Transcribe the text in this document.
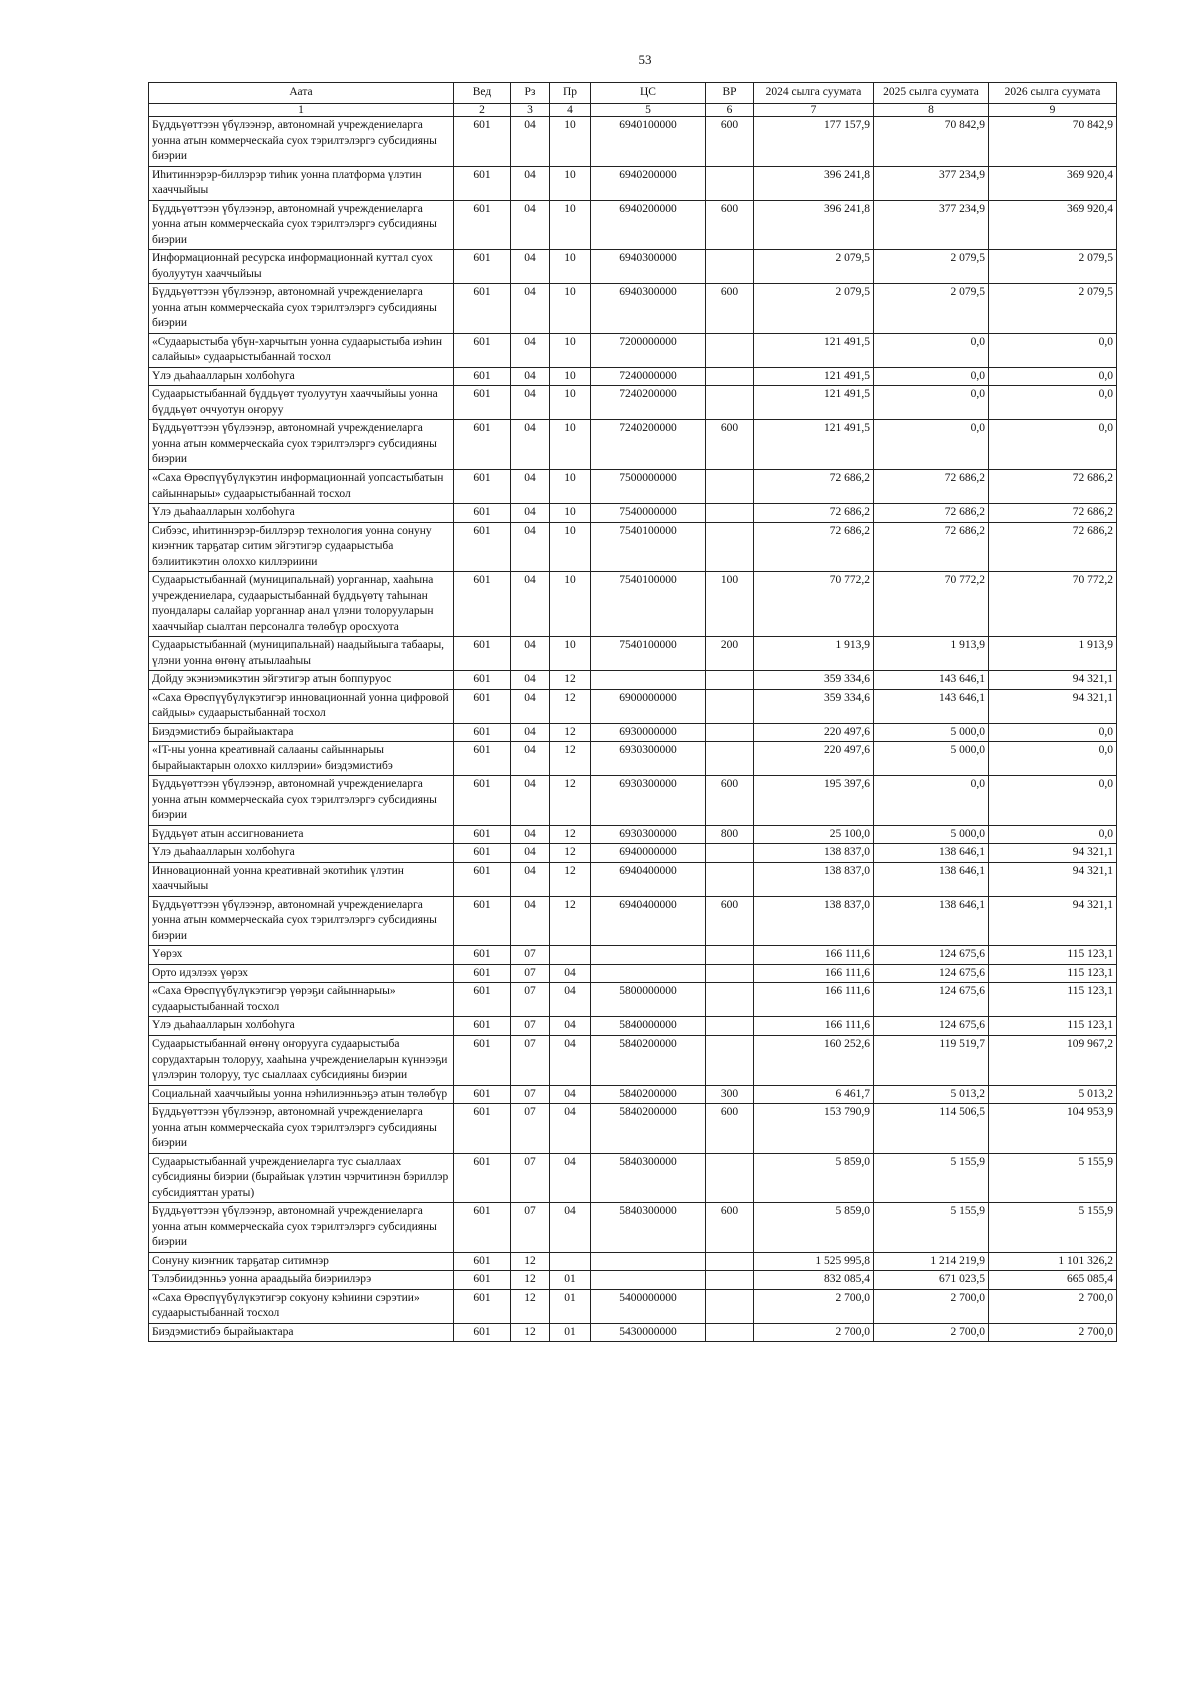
53
Аата	Вед	Рз	Пр	ЦС	ВР	2024 сылга суумата	2025 сылга суумата	2026 сылга суумата
1	2	3	4	5	6	7	8	9
Бүддьүөттээн үбүлээнэр, автономнай учреждениеларга уонна атын коммерческайа суох тэрилтэлэргэ субсидияны биэрии	601	04	10	6940100000	600	177 157,9	70 842,9	70 842,9
Иһитиннэрэр-биллэрэр тиһик уонна платформа үлэтин хааччыйыы	601	04	10	6940200000		396 241,8	377 234,9	369 920,4
Бүддьүөттээн үбүлээнэр, автономнай учреждениеларга уонна атын коммерческайа суох тэрилтэлэргэ субсидияны биэрии	601	04	10	6940200000	600	396 241,8	377 234,9	369 920,4
Информационнай ресурска информационнай куттал суох буолуутун хааччыйыы	601	04	10	6940300000		2 079,5	2 079,5	2 079,5
Бүддьүөттээн үбүлээнэр, автономнай учреждениеларга уонна атын коммерческайа суох тэрилтэлэргэ субсидияны биэрии	601	04	10	6940300000	600	2 079,5	2 079,5	2 079,5
«Судаарыстыба үбүн-харчытын уонна судаарыстыба иэһин салайыы» судаарыстыбаннай тосхол	601	04	10	7200000000		121 491,5	0,0	0,0
Үлэ дьаһаалларын холбоһуга	601	04	10	7240000000		121 491,5	0,0	0,0
Судаарыстыбаннай бүддьүөт туолуутун хааччыйыы уонна бүддьүөт оччуотун оҥоруу	601	04	10	7240200000		121 491,5	0,0	0,0
Бүддьүөттээн үбүлээнэр, автономнай учреждениеларга уонна атын коммерческайа суох тэрилтэлэргэ субсидияны биэрии	601	04	10	7240200000	600	121 491,5	0,0	0,0
«Саха Өрөспүүбүлүкэтин информационнай уопсастыбатын сайыннарыы» судаарыстыбаннай тосхол	601	04	10	7500000000		72 686,2	72 686,2	72 686,2
Үлэ дьаһаалларын холбоһуга	601	04	10	7540000000		72 686,2	72 686,2	72 686,2
Сибээс, иһитиннэрэр-биллэрэр технология уонна сонуну киэҥник тарҕатар ситим эйгэтигэр судаарыстыба бэлиитикэтин олоххо киллэриини	601	04	10	7540100000		72 686,2	72 686,2	72 686,2
Судаарыстыбаннай (муниципальнай) уорганнар, хааһына учреждениелара, судаарыстыбаннай бүддьүөтү таһынан пуондалары салайар уорганнар анал үлэни толорууларын хааччыйар сыалтан персоналга төлөбүр оросхуота	601	04	10	7540100000	100	70 772,2	70 772,2	70 772,2
Судаарыстыбаннай (муниципальнай) наадыйыыга табаары, үлэни уонна өҥөнү атыылааһыы	601	04	10	7540100000	200	1 913,9	1 913,9	1 913,9
Дойду экэниэмикэтин эйгэтигэр атын боппуруос	601	04	12			359 334,6	143 646,1	94 321,1
«Саха Өрөспүүбүлүкэтигэр инновационнай уонна цифровой сайдыы» судаарыстыбаннай тосхол	601	04	12	6900000000		359 334,6	143 646,1	94 321,1
Биэдэмистибэ бырайыактара	601	04	12	6930000000		220 497,6	5 000,0	0,0
«IT-ны уонна креативнай салааны сайыннарыы бырайыактарын олоххо киллэрии» биэдэмистибэ	601	04	12	6930300000		220 497,6	5 000,0	0,0
Бүддьүөттээн үбүлээнэр, автономнай учреждениеларга уонна атын коммерческайа суох тэрилтэлэргэ субсидияны биэрии	601	04	12	6930300000	600	195 397,6	0,0	0,0
Бүддьүөт атын ассигнованиета	601	04	12	6930300000	800	25 100,0	5 000,0	0,0
Үлэ дьаһаалларын холбоһуга	601	04	12	6940000000		138 837,0	138 646,1	94 321,1
Инновационнай уонна креативнай экотиһик үлэтин хааччыйыы	601	04	12	6940400000		138 837,0	138 646,1	94 321,1
Бүддьүөттээн үбүлээнэр, автономнай учреждениеларга уонна атын коммерческайа суох тэрилтэлэргэ субсидияны биэрии	601	04	12	6940400000	600	138 837,0	138 646,1	94 321,1
Үөрэх	601	07				166 111,6	124 675,6	115 123,1
Орто идэлээх үөрэх	601	07	04			166 111,6	124 675,6	115 123,1
«Саха Өрөспүүбүлүкэтигэр үөрэҕи сайыннарыы» судаарыстыбаннай тосхол	601	07	04	5800000000		166 111,6	124 675,6	115 123,1
Үлэ дьаһаалларын холбоһуга	601	07	04	5840000000		166 111,6	124 675,6	115 123,1
Судаарыстыбаннай өҥөнү оҥорууга судаарыстыба сорудахтарын толоруу, хааһына учреждениеларын күннээҕи үлэлэрин толоруу, тус сыаллаах субсидияны биэрии	601	07	04	5840200000		160 252,6	119 519,7	109 967,2
Социальнай хааччыйыы уонна нэһилиэнньэҕэ атын төлөбүр	601	07	04	5840200000	300	6 461,7	5 013,2	5 013,2
Бүддьүөттээн үбүлээнэр, автономнай учреждениеларга уонна атын коммерческайа суох тэрилтэлэргэ субсидияны биэрии	601	07	04	5840200000	600	153 790,9	114 506,5	104 953,9
Судаарыстыбаннай учреждениеларга тус сыаллаах субсидияны биэрии (бырайыак үлэтин чэрчитинэн бэриллэр субсидияттан ураты)	601	07	04	5840300000		5 859,0	5 155,9	5 155,9
Бүддьүөттээн үбүлээнэр, автономнай учреждениеларга уонна атын коммерческайа суох тэрилтэлэргэ субсидияны биэрии	601	07	04	5840300000	600	5 859,0	5 155,9	5 155,9
Сонуну киэҥник тарҕатар ситимнэр	601	12				1 525 995,8	1 214 219,9	1 101 326,2
Тэлэбиидэнньэ уонна араадьыйа биэриилэрэ	601	12	01			832 085,4	671 023,5	665 085,4
«Саха Өрөспүүбүлүкэтигэр сокуону кэһиини сэрэтии» судаарыстыбаннай тосхол	601	12	01	5400000000		2 700,0	2 700,0	2 700,0
Биэдэмистибэ бырайыактара	601	12	01	5430000000		2 700,0	2 700,0	2 700,0
